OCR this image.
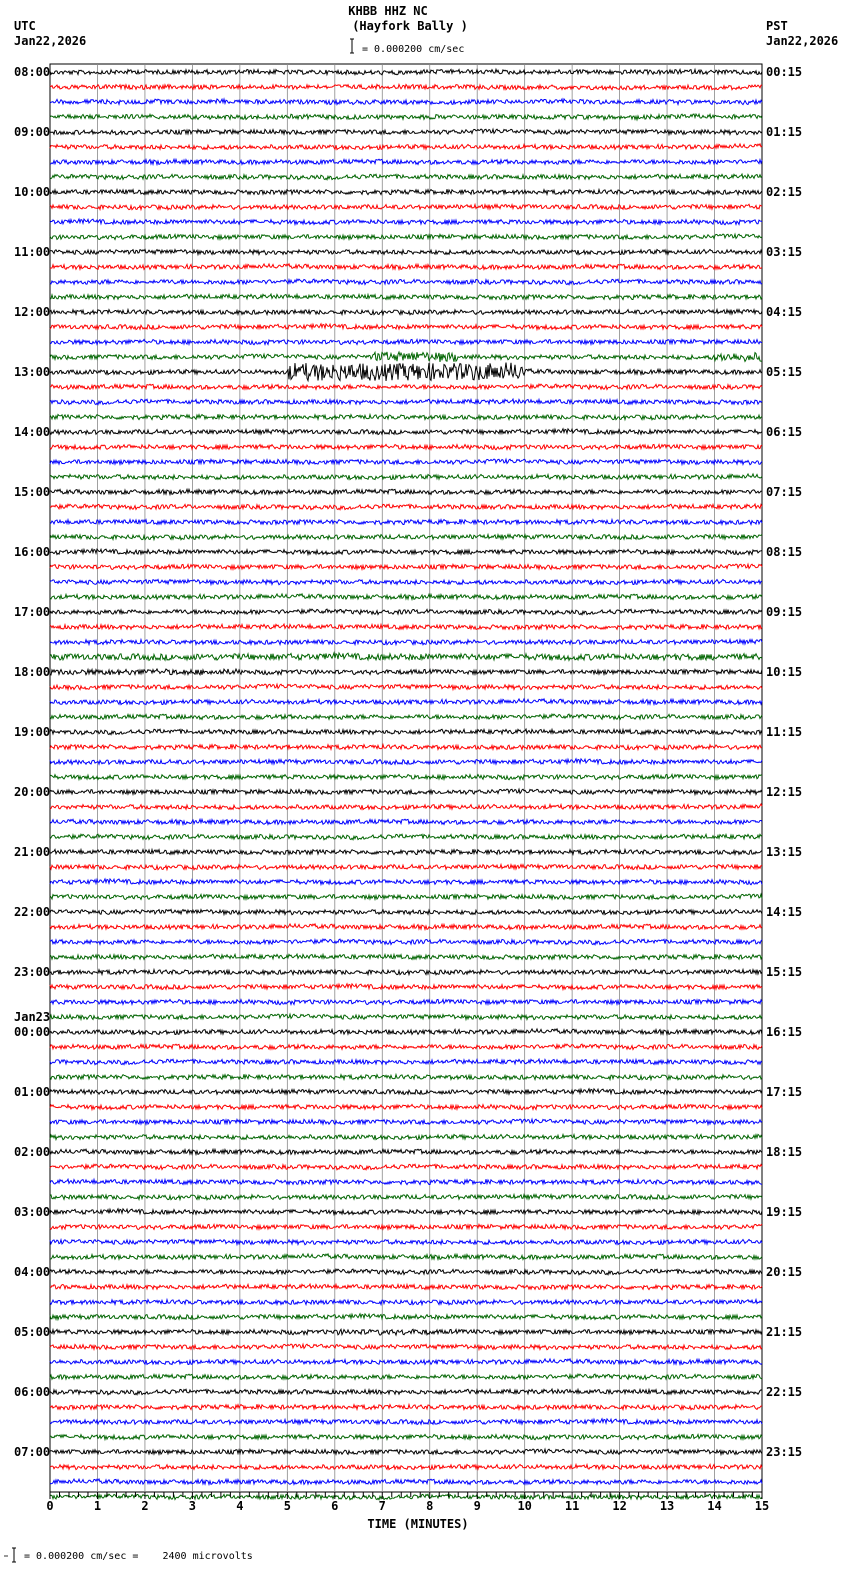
KHBB HHZ NC
(Hayfork Bally )
UTC
Jan22,2026
PST
Jan22,2026
= 0.000200 cm/sec
08:00	00:15
09:00	01:15
10:00	02:15
11:00	03:15
12:00	04:15
13:00	05:15
14:00	06:15
15:00	07:15
16:00	08:15
17:00	09:15
18:00	10:15
19:00	11:15
20:00	12:15
21:00	13:15
22:00	14:15
23:00	15:15
00:00	16:15
01:00	17:15
02:00	18:15
03:00	19:15
04:00	20:15
05:00	21:15
06:00	22:15
07:00	23:15
Jan23
0	1	2	3	4	5	6	7	8	9	10	11	12	13	14	15
TIME (MINUTES)
= 0.000200 cm/sec =    2400 microvolts
